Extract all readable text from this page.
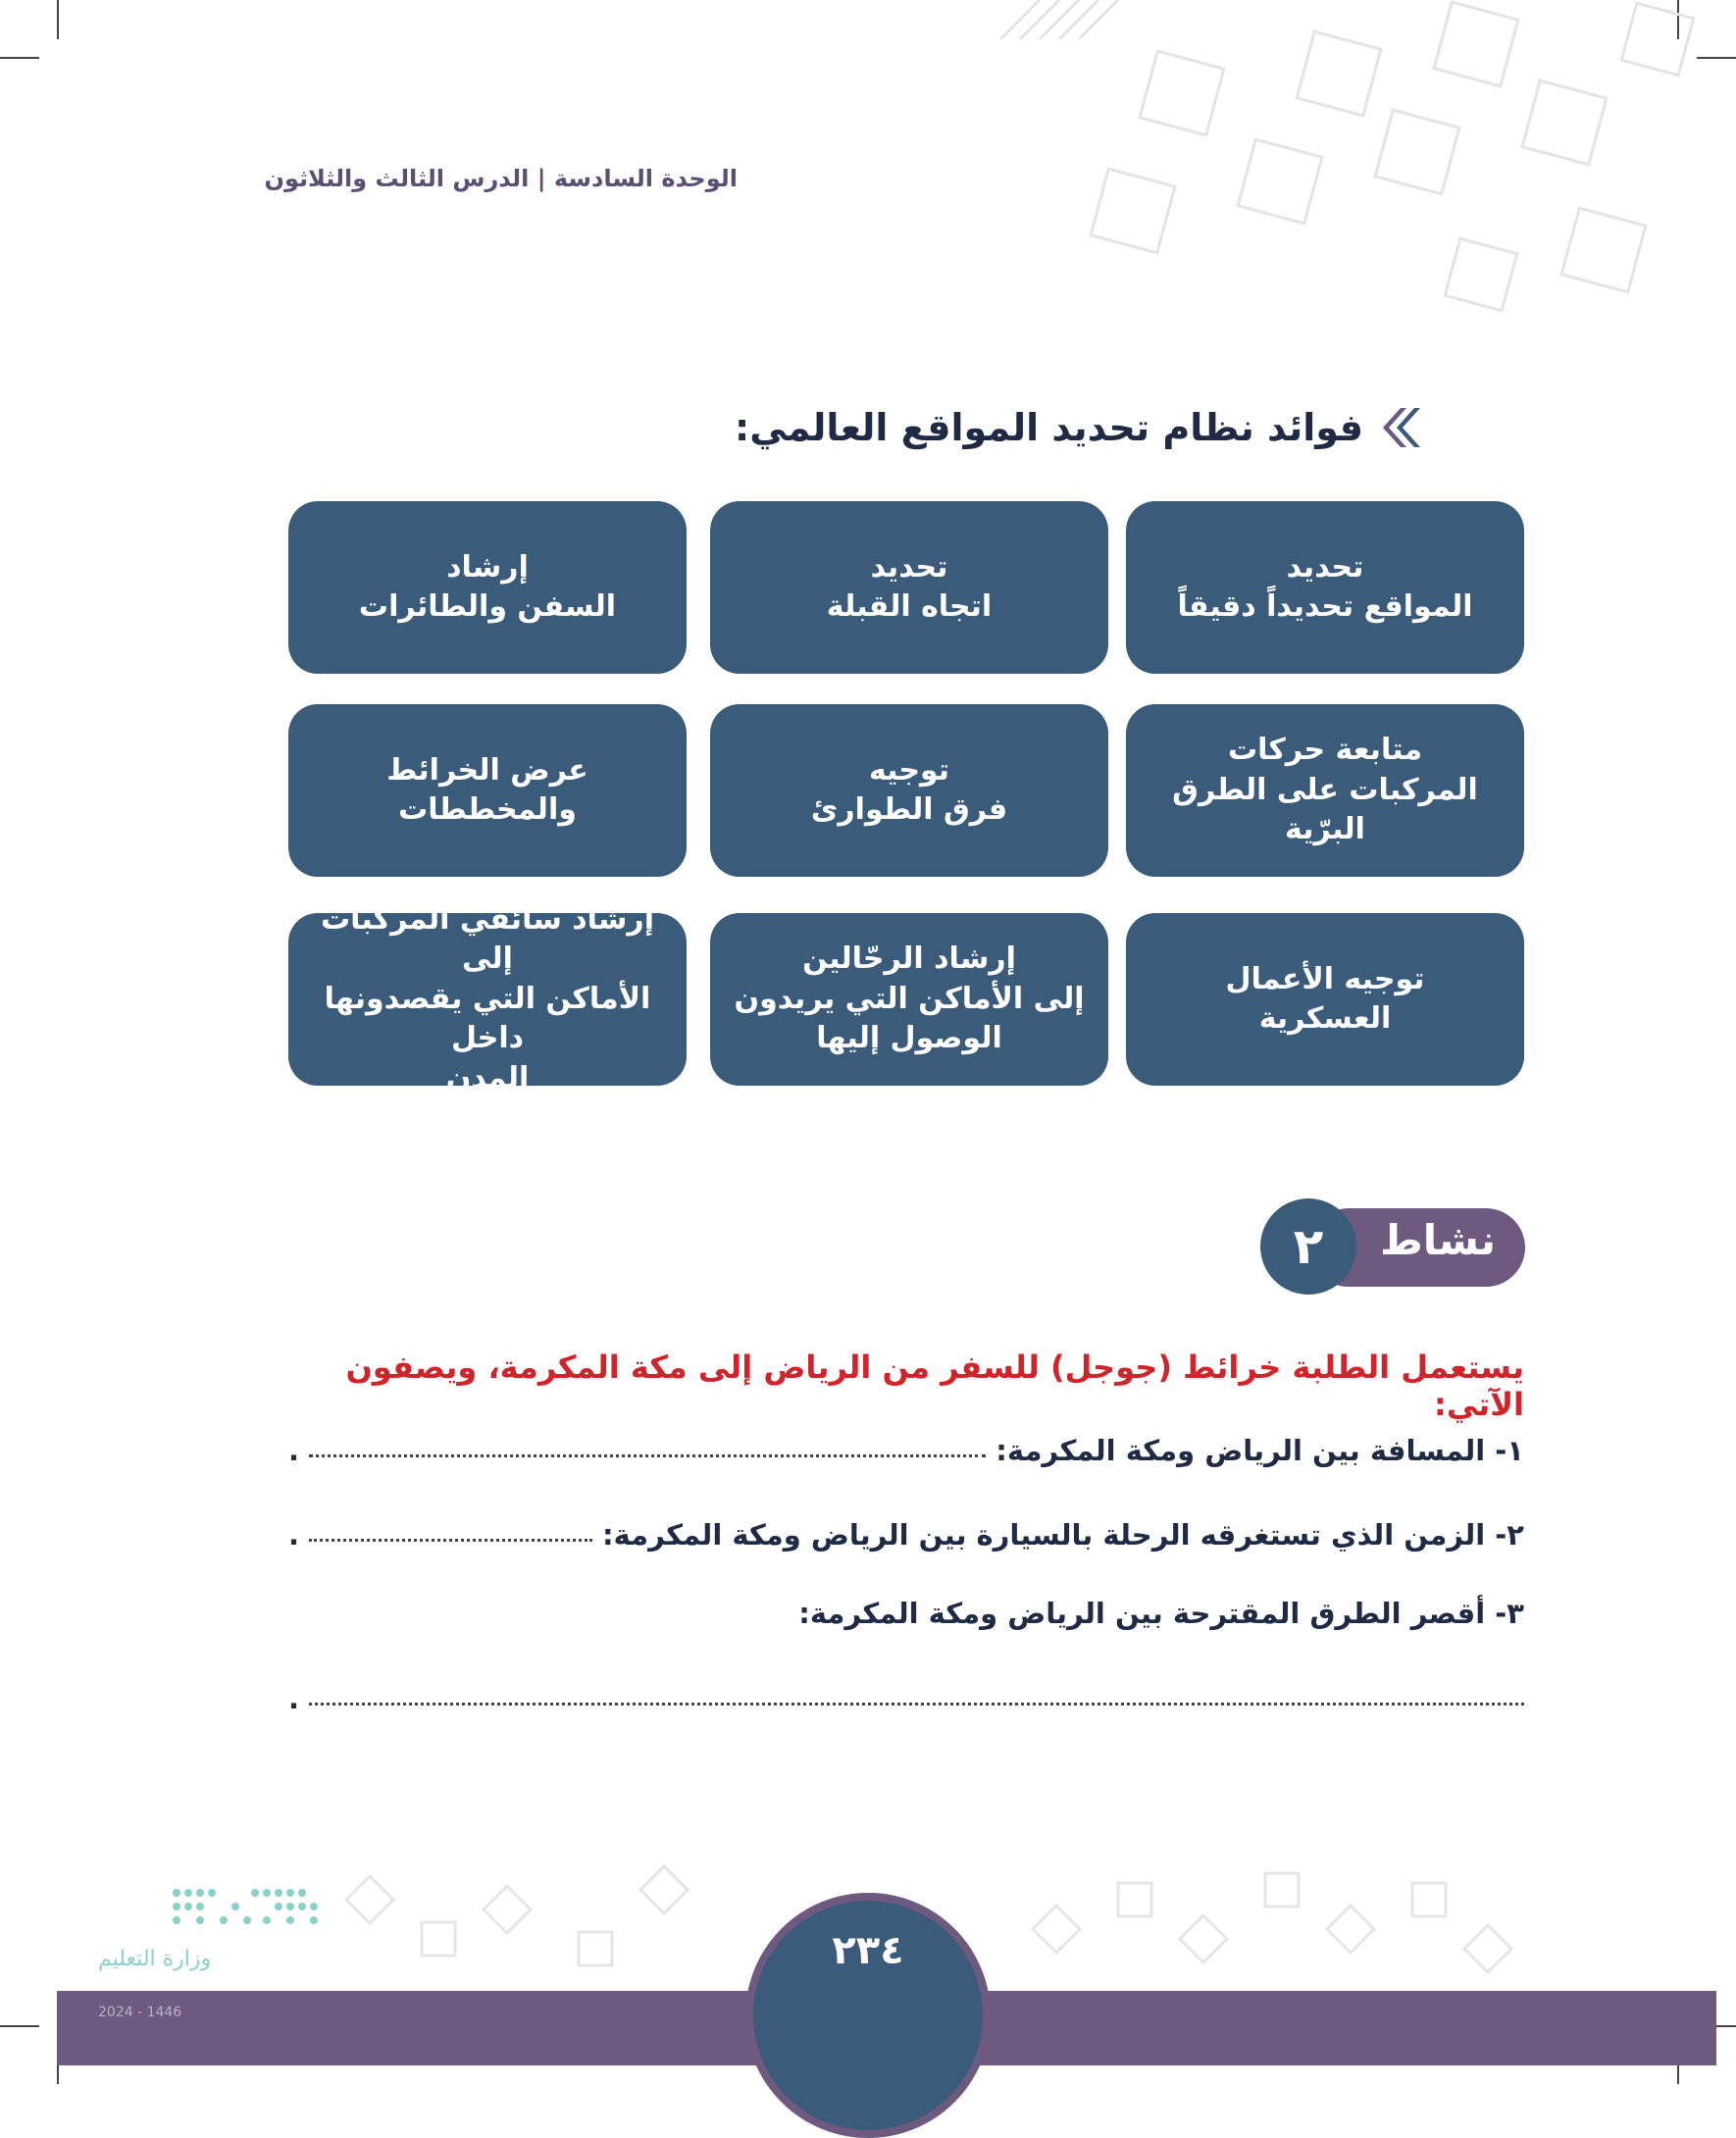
الوحدة السادسة | الدرس الثالث والثلاثون
فوائد نظام تحديد المواقع العالمي:
تحديد
المواقع تحديداً دقيقاً
تحديد
اتجاه القبلة
إرشاد
السفن والطائرات
متابعة حركات
المركبات على الطرق
البرّية
توجيه
فرق الطوارئ
عرض الخرائط
والمخططات
توجيه الأعمال
العسكرية
إرشاد الرحّالين
إلى الأماكن التي يريدون
الوصول إليها
إرشاد سائقي المركبات إلى
الأماكن التي يقصدونها داخل
المدن
نشاط
٢
يستعمل الطلبة خرائط (جوجل) للسفر من الرياض إلى مكة المكرمة، ويصفون الآتي:
١- المسافة بين الرياض ومكة المكرمة:
.
٢- الزمن الذي تستغرقه الرحلة بالسيارة بين الرياض ومكة المكرمة:
.
٣- أقصر الطرق المقترحة بين الرياض ومكة المكرمة:
.
٢٣٤
وزارة التعليم
2024 - 1446
